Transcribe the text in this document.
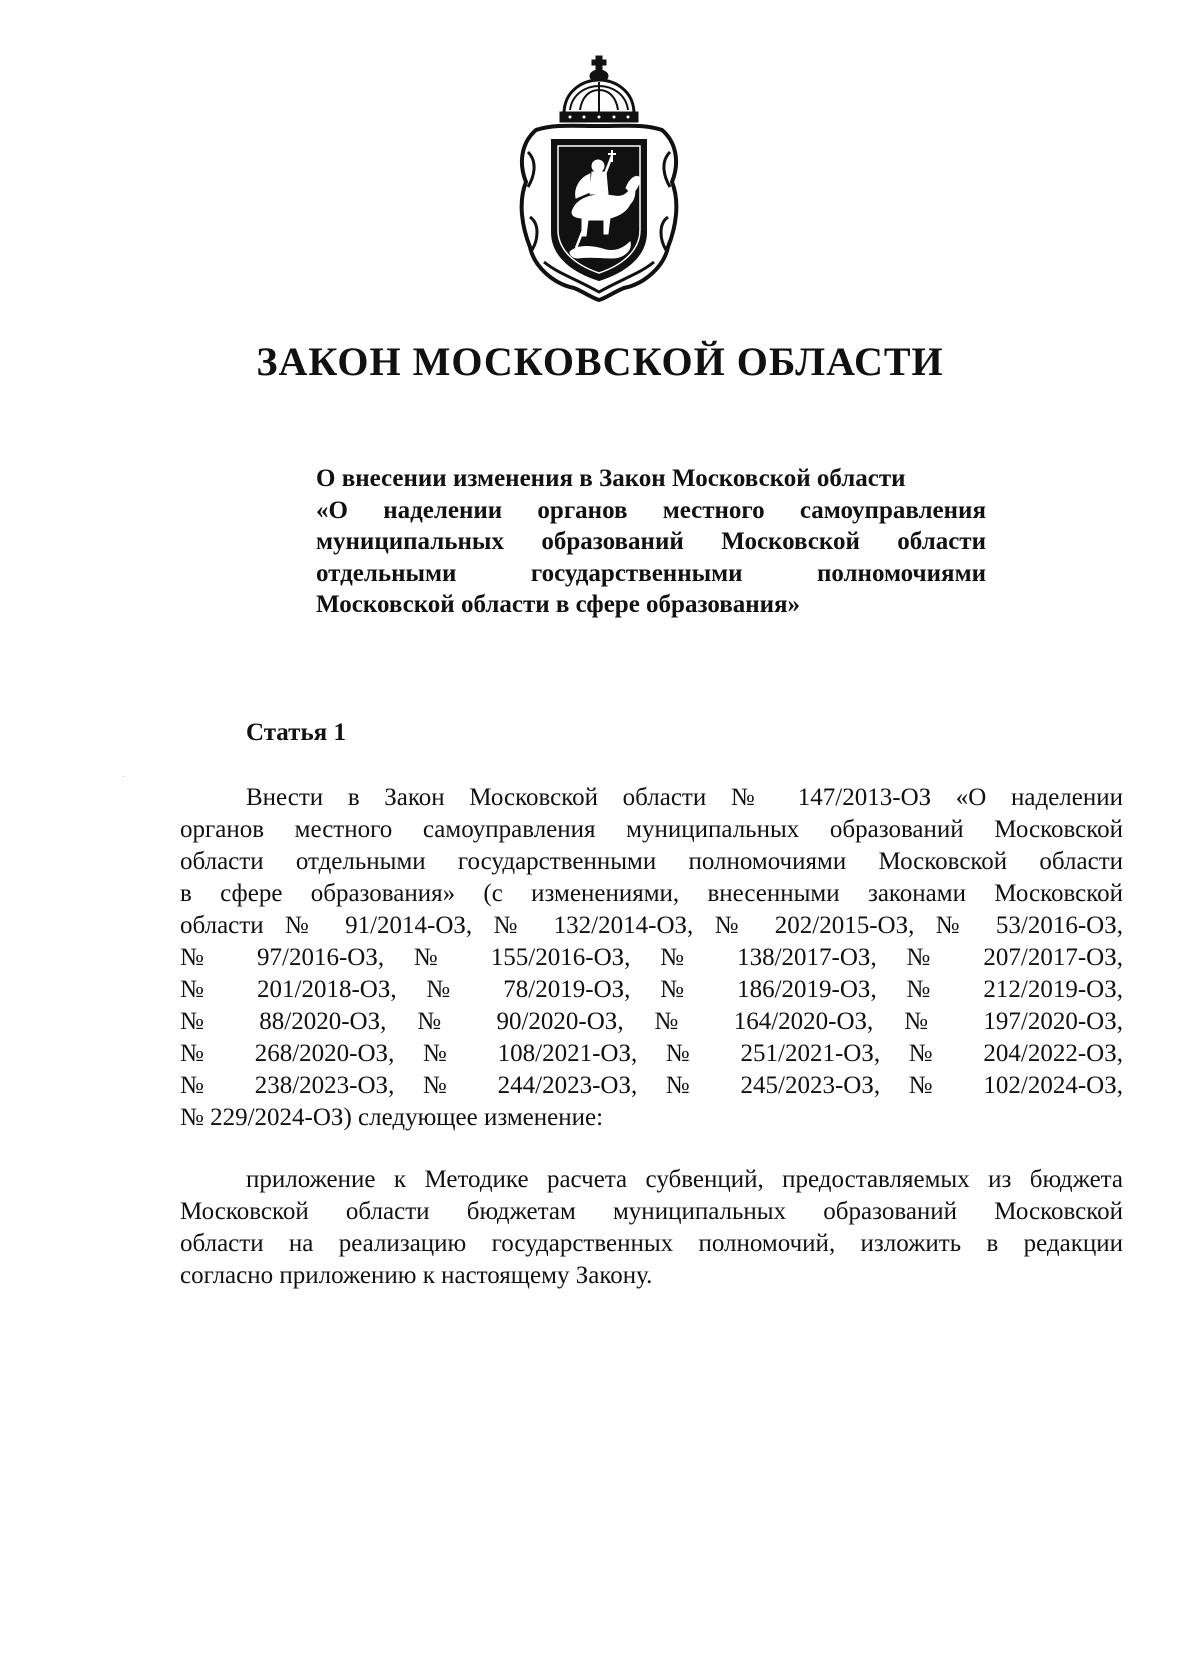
ЗАКОН МОСКОВСКОЙ ОБЛАСТИ
О внесении изменения в Закон Московской области
«О наделении органов местного самоуправления
муниципальных образований Московской области
отдельными государственными полномочиями
Московской области в сфере образования»
Статья 1
Внести в Закон Московской области № 147/2013-ОЗ «О наделении
органов местного самоуправления муниципальных образований Московской
области отдельными государственными полномочиями Московской области
в сфере образования» (с изменениями, внесенными законами Московской
области № 91/2014-ОЗ, № 132/2014-ОЗ, № 202/2015-ОЗ, № 53/2016-ОЗ,
№ 97/2016-ОЗ, № 155/2016-ОЗ, № 138/2017-ОЗ, № 207/2017-ОЗ,
№ 201/2018-ОЗ, № 78/2019-ОЗ, № 186/2019-ОЗ, № 212/2019-ОЗ,
№ 88/2020-ОЗ, № 90/2020-ОЗ, № 164/2020-ОЗ, № 197/2020-ОЗ,
№ 268/2020-ОЗ, № 108/2021-ОЗ, № 251/2021-ОЗ, № 204/2022-ОЗ,
№ 238/2023-ОЗ, № 244/2023-ОЗ, № 245/2023-ОЗ, № 102/2024-ОЗ,
№ 229/2024-ОЗ) следующее изменение:
приложение к Методике расчета субвенций, предоставляемых из бюджета
Московской области бюджетам муниципальных образований Московской
области на реализацию государственных полномочий, изложить в редакции
согласно приложению к настоящему Закону.
